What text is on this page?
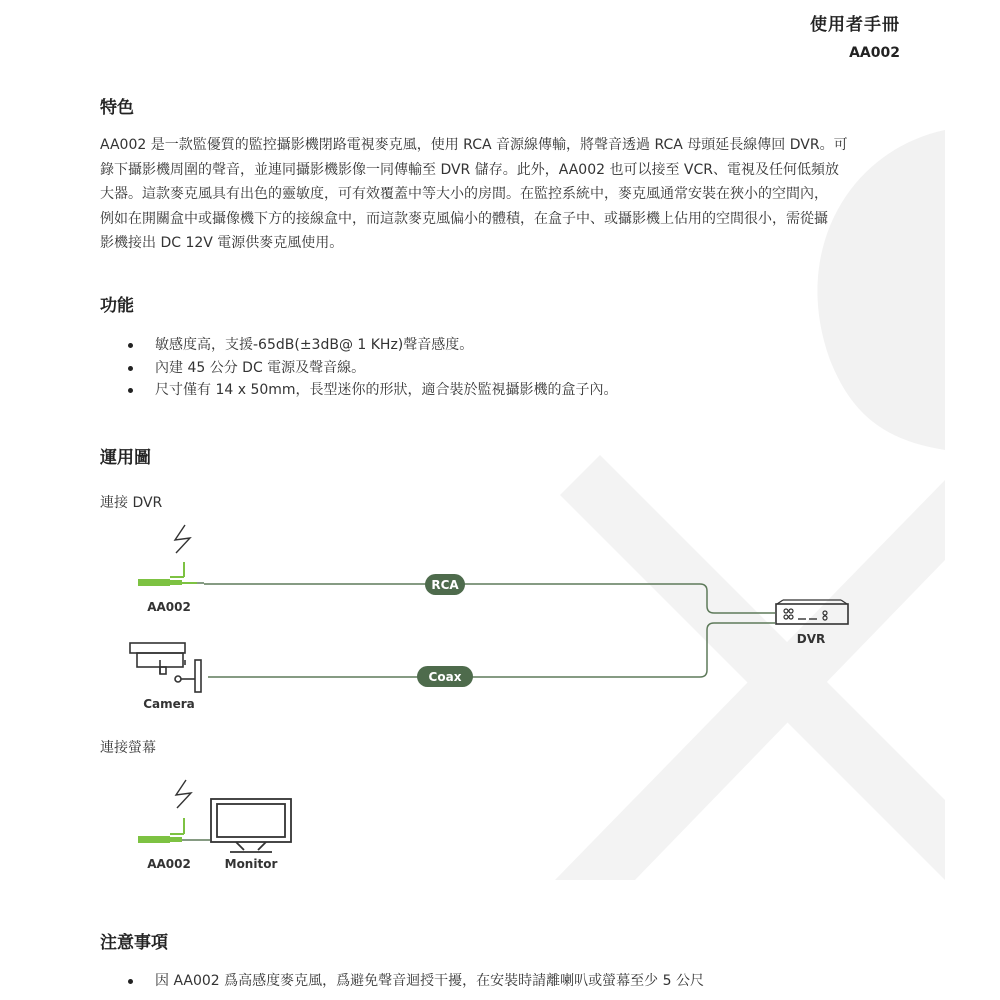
使用者手冊
AA002
特色
AA002 是一款監優質的監控攝影機閉路電視麥克風，使用 RCA 音源線傳輸，將聲音透過 RCA 母頭延長線傳回 DVR。可
錄下攝影機周圍的聲音，並連同攝影機影像一同傳輸至 DVR 儲存。此外，AA002 也可以接至 VCR、電視及任何低頻放
大器。這款麥克風具有出色的靈敏度，可有效覆蓋中等大小的房間。在監控系統中，麥克風通常安裝在狹小的空間內，
例如在開關盒中或攝像機下方的接線盒中，而這款麥克風偏小的體積，在盒子中、或攝影機上佔用的空間很小，需從攝
影機接出 DC 12V 電源供麥克風使用。
功能
敏感度高，支援-65dB(±3dB@ 1 KHz)聲音感度。
內建 45 公分 DC 電源及聲音線。
尺寸僅有 14 x 50mm，長型迷你的形狀，適合裝於監視攝影機的盒子內。
運用圖
連接 DVR
連接螢幕
RCA
Coax
AA002
DVR
Camera
AA002	Monitor
注意事項
因 AA002 爲高感度麥克風，爲避免聲音迴授干擾，在安裝時請離喇叭或螢幕至少 5 公尺
